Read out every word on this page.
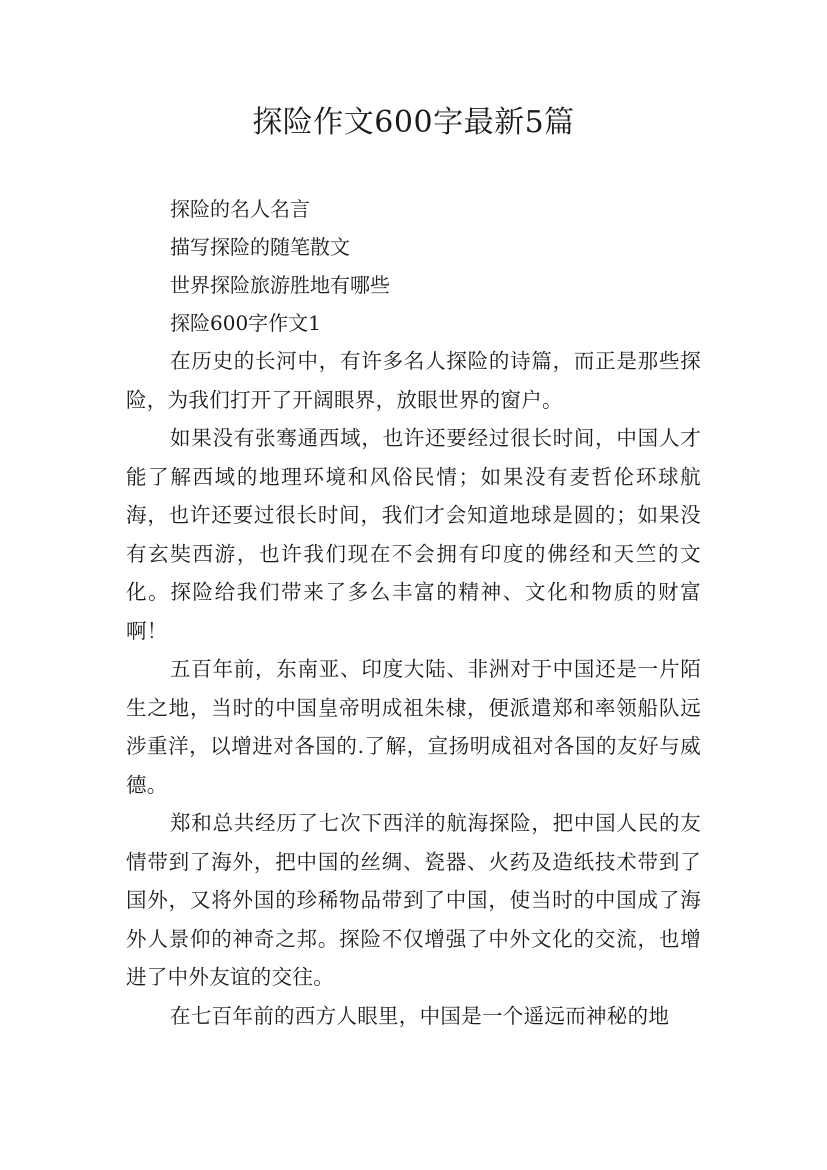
探险作文600字最新5篇
探险的名人名言
描写探险的随笔散文
世界探险旅游胜地有哪些
探险600字作文1

在历史的长河中，有许多名人探险的诗篇，而正是那些探险，为我们打开了开阔眼界，放眼世界的窗户。

如果没有张骞通西域，也许还要经过很长时间，中国人才能了解西域的地理环境和风俗民情；如果没有麦哲伦环球航海，也许还要过很长时间，我们才会知道地球是圆的；如果没有玄奘西游，也许我们现在不会拥有印度的佛经和天竺的文化。探险给我们带来了多么丰富的精神、文化和物质的财富啊！

五百年前，东南亚、印度大陆、非洲对于中国还是一片陌生之地，当时的中国皇帝明成祖朱棣，便派遣郑和率领船队远涉重洋，以增进对各国的.了解，宣扬明成祖对各国的友好与威德。

郑和总共经历了七次下西洋的航海探险，把中国人民的友情带到了海外，把中国的丝绸、瓷器、火药及造纸技术带到了国外，又将外国的珍稀物品带到了中国，使当时的中国成了海外人景仰的神奇之邦。探险不仅增强了中外文化的交流，也增进了中外友谊的交往。

在七百年前的西方人眼里，中国是一个遥远而神秘的地
